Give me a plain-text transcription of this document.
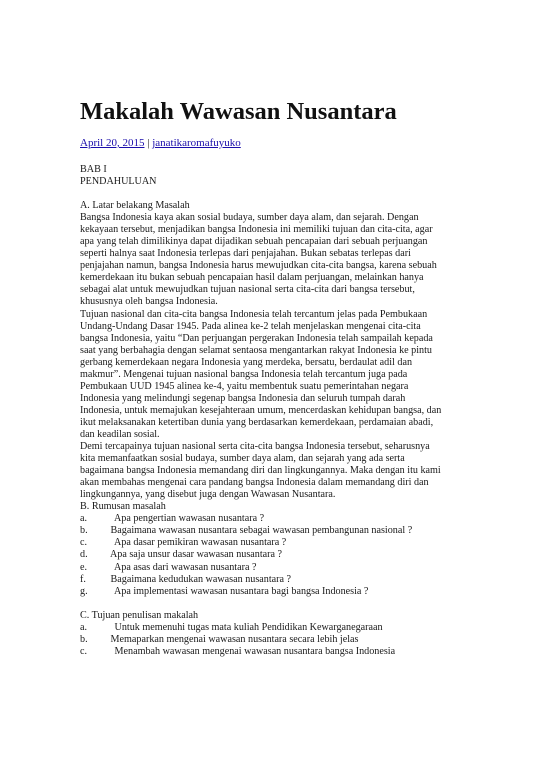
Makalah Wawasan Nusantara
April 20, 2015 | janatikaromafuyuko
BAB I
PENDAHULUAN
A. Latar belakang Masalah
Bangsa Indonesia kaya akan sosial budaya, sumber daya alam, dan sejarah. Dengan
kekayaan tersebut, menjadikan bangsa Indonesia ini memiliki tujuan dan cita-cita, agar
apa yang telah dimilikinya dapat dijadikan sebuah pencapaian dari sebuah perjuangan
seperti halnya saat Indonesia terlepas dari penjajahan. Bukan sebatas terlepas dari
penjajahan namun, bangsa Indonesia harus mewujudkan cita-cita bangsa, karena sebuah
kemerdekaan itu bukan sebuah pencapaian hasil dalam perjuangan, melainkan hanya
sebagai alat untuk mewujudkan tujuan nasional serta cita-cita dari bangsa tersebut,
khususnya oleh bangsa Indonesia.
Tujuan nasional dan cita-cita bangsa Indonesia telah tercantum jelas pada Pembukaan
Undang-Undang Dasar 1945. Pada alinea ke-2 telah menjelaskan mengenai cita-cita
bangsa Indonesia, yaitu “Dan perjuangan pergerakan Indonesia telah sampailah kepada
saat yang berbahagia dengan selamat sentaosa mengantarkan rakyat Indonesia ke pintu
gerbang kemerdekaan negara Indonesia yang merdeka, bersatu, berdaulat adil dan
makmur”. Mengenai tujuan nasional bangsa Indonesia telah tercantum juga pada
Pembukaan UUD 1945 alinea ke-4, yaitu membentuk suatu pemerintahan negara
Indonesia yang melindungi segenap bangsa Indonesia dan seluruh tumpah darah
Indonesia, untuk memajukan kesejahteraan umum, mencerdaskan kehidupan bangsa, dan
ikut melaksanakan ketertiban dunia yang berdasarkan kemerdekaan, perdamaian abadi,
dan keadilan sosial.
Demi tercapainya tujuan nasional serta cita-cita bangsa Indonesia tersebut, seharusnya
kita memanfaatkan sosial budaya, sumber daya alam, dan sejarah yang ada serta
bagaimana bangsa Indonesia memandang diri dan lingkungannya. Maka dengan itu kami
akan membahas mengenai cara pandang bangsa Indonesia dalam memandang diri dan
lingkungannya, yang disebut juga dengan Wawasan Nusantara.
B. Rumusan masalah
a. Apa pengertian wawasan nusantara ?
b. Bagaimana wawasan nusantara sebagai wawasan pembangunan nasional ?
c. Apa dasar pemikiran wawasan nusantara ?
d. Apa saja unsur dasar wawasan nusantara ?
e. Apa asas dari wawasan nusantara ?
f. Bagaimana kedudukan wawasan nusantara ?
g. Apa implementasi wawasan nusantara bagi bangsa Indonesia ?
C. Tujuan penulisan makalah
a. Untuk memenuhi tugas mata kuliah Pendidikan Kewarganegaraan
b. Memaparkan mengenai wawasan nusantara secara lebih jelas
c. Menambah wawasan mengenai wawasan nusantara bangsa Indonesia
